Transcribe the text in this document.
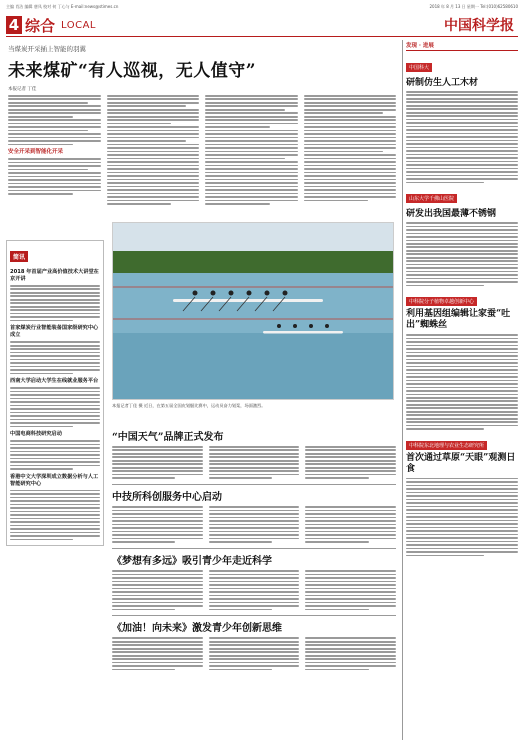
主编 肖洁 编辑 唐凤 校对 何 丁心与 E-mail:news@stimes.cn	2018 年 8 月 13 日 星期一 Tel:(010)62580610
4 综合 LOCAL	中国科学报
当煤炭开采插上智能的羽翼
未来煤矿“有人巡视，无人值守”
本报记者 丁佳
安全开采到智能化开采
简讯
2018 年首届产业高价值技术大讲堂在京开讲
首家煤炭行业智能装备国家级研究中心成立
西南大学启动大学生在线就业服务平台
中国电商科技研究启动
香港中文大学深圳成立数据分析与人工智能研究中心
本报记者丁佳 摄 近日，在第五届全国皮划艇比赛中，运动员奋力划桨，场面激烈。
“中国天气”品牌正式发布
中技所科创服务中心启动
《梦想有多远》吸引青少年走近科学
《加油！向未来》激发青少年创新思维
发现 · 进展
中国科大
研制仿生人工木材
山东大学千佛山医院
研发出我国最薄不锈钢
中科院分子植物卓越创新中心
利用基因组编辑让家蚕“吐出”蜘蛛丝
中科院东北地理与农业生态研究所
首次通过草原“天眼”观测日食
